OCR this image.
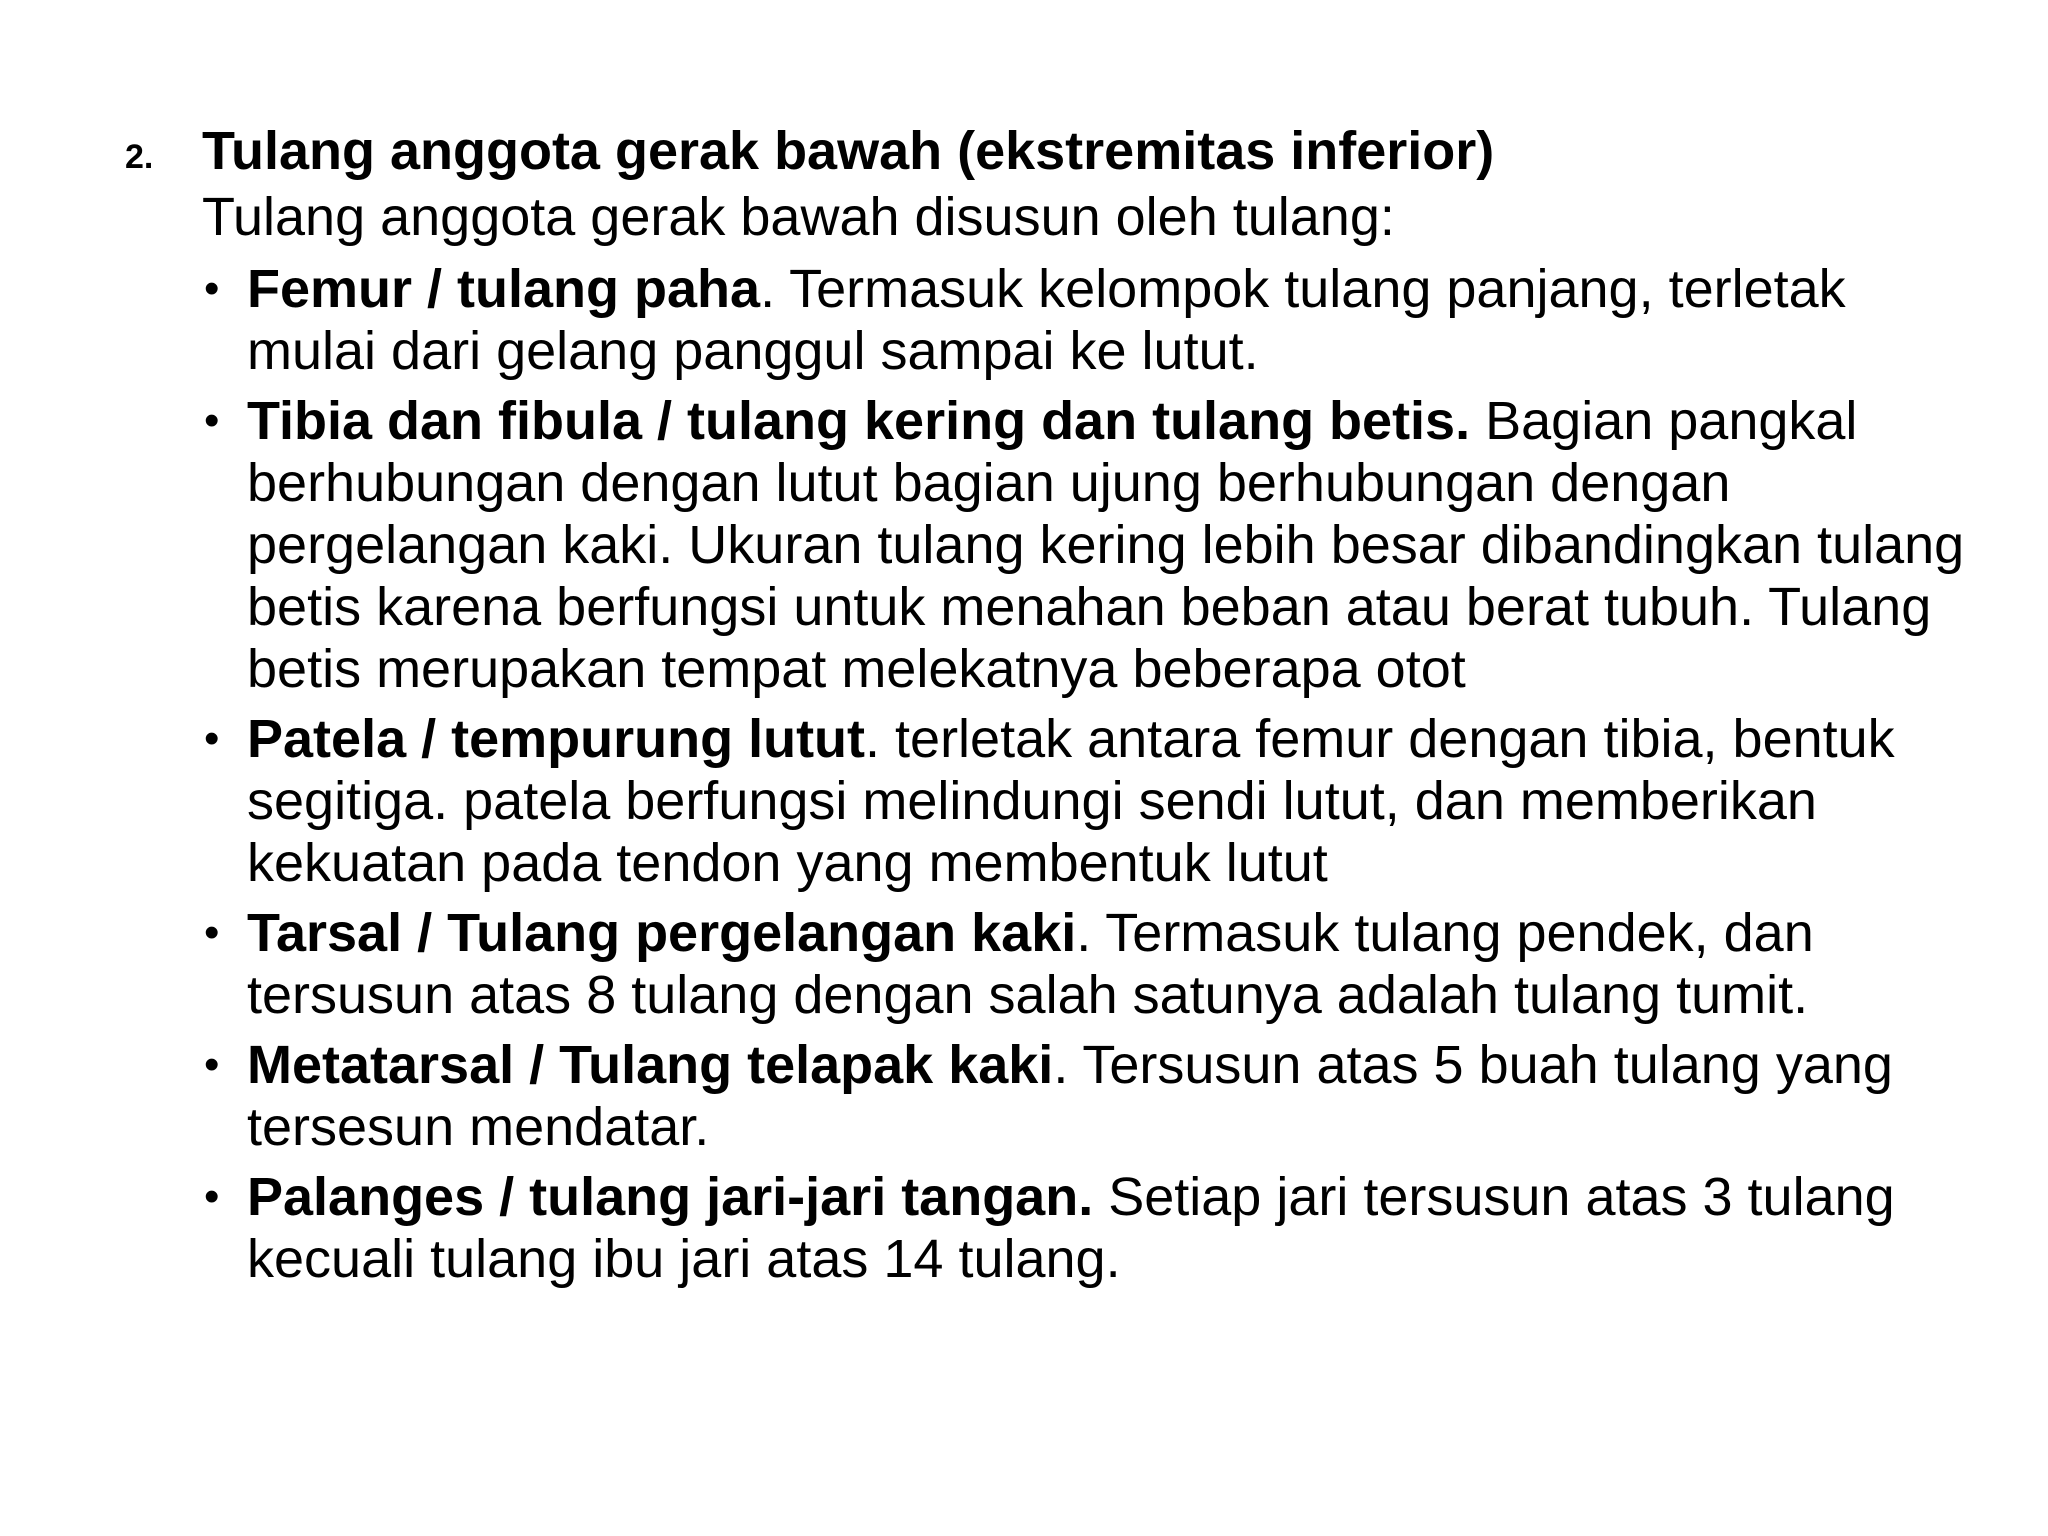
2. Tulang anggota gerak bawah (ekstremitas inferior)
Tulang anggota gerak bawah disusun oleh tulang:
• Femur / tulang paha. Termasuk kelompok tulang panjang, terletak mulai dari gelang panggul sampai ke lutut.
• Tibia dan fibula / tulang kering dan tulang betis. Bagian pangkal berhubungan dengan lutut bagian ujung berhubungan dengan pergelangan kaki. Ukuran tulang kering lebih besar dibandingkan tulang betis karena berfungsi untuk menahan beban atau berat tubuh. Tulang betis merupakan tempat melekatnya beberapa otot
• Patela / tempurung lutut. terletak antara femur dengan tibia, bentuk segitiga. patela berfungsi melindungi sendi lutut, dan memberikan kekuatan pada tendon yang membentuk lutut
• Tarsal / Tulang pergelangan kaki. Termasuk tulang pendek, dan tersusun atas 8 tulang dengan salah satunya adalah tulang tumit.
• Metatarsal / Tulang telapak kaki. Tersusun atas 5 buah tulang yang tersesun mendatar.
• Palanges / tulang jari-jari tangan. Setiap jari tersusun atas 3 tulang kecuali tulang ibu jari atas 14 tulang.
